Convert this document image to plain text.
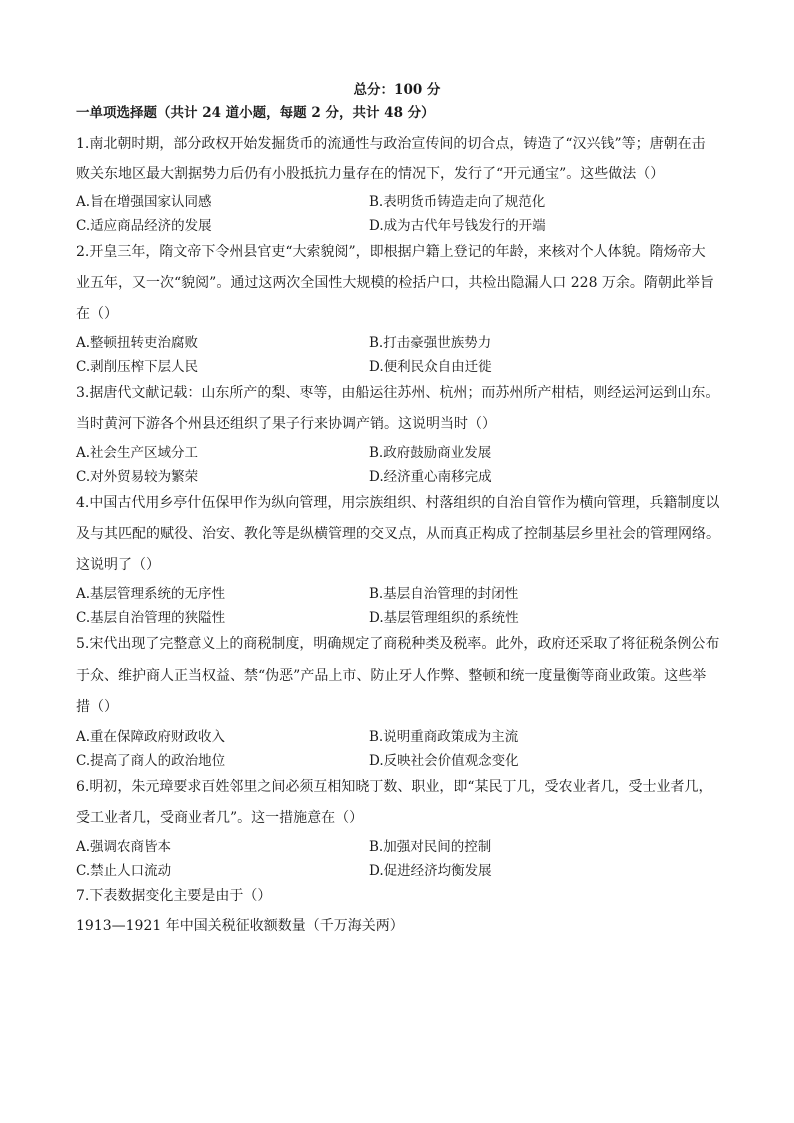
总分：100 分
一单项选择题（共计 24 道小题，每题 2 分，共计 48 分）
1.南北朝时期，部分政权开始发掘货币的流通性与政治宣传间的切合点，铸造了“汉兴钱”等；唐朝在击
败关东地区最大割据势力后仍有小股抵抗力量存在的情况下，发行了“开元通宝”。这些做法（）
A.旨在增强国家认同感	B.表明货币铸造走向了规范化
C.适应商品经济的发展	D.成为古代年号钱发行的开端
2.开皇三年，隋文帝下令州县官吏“大索貌阅”，即根据户籍上登记的年龄，来核对个人体貌。隋炀帝大
业五年，又一次“貌阅”。通过这两次全国性大规模的检括户口，共检出隐漏人口 228 万余。隋朝此举旨
在（）
A.整顿扭转吏治腐败	B.打击豪强世族势力
C.剥削压榨下层人民	D.便利民众自由迁徙
3.据唐代文献记载：山东所产的梨、枣等，由船运往苏州、杭州；而苏州所产柑桔，则经运河运到山东。
当时黄河下游各个州县还组织了果子行来协调产销。这说明当时（）
A.社会生产区域分工	B.政府鼓励商业发展
C.对外贸易较为繁荣	D.经济重心南移完成
4.中国古代用乡亭什伍保甲作为纵向管理，用宗族组织、村落组织的自治自管作为横向管理，兵籍制度以
及与其匹配的赋役、治安、教化等是纵横管理的交叉点，从而真正构成了控制基层乡里社会的管理网络。
这说明了（）
A.基层管理系统的无序性	B.基层自治管理的封闭性
C.基层自治管理的狭隘性	D.基层管理组织的系统性
5.宋代出现了完整意义上的商税制度，明确规定了商税种类及税率。此外，政府还采取了将征税条例公布
于众、维护商人正当权益、禁“伪恶”产品上市、防止牙人作弊、整顿和统一度量衡等商业政策。这些举
措（）
A.重在保障政府财政收入	B.说明重商政策成为主流
C.提高了商人的政治地位	D.反映社会价值观念变化
6.明初，朱元璋要求百姓邻里之间必须互相知晓丁数、职业，即“某民丁几，受农业者几，受士业者几，
受工业者几，受商业者几”。这一措施意在（）
A.强调农商皆本	B.加强对民间的控制
C.禁止人口流动	D.促进经济均衡发展
7.下表数据变化主要是由于（）
1913—1921 年中国关税征收额数量（千万海关两）
